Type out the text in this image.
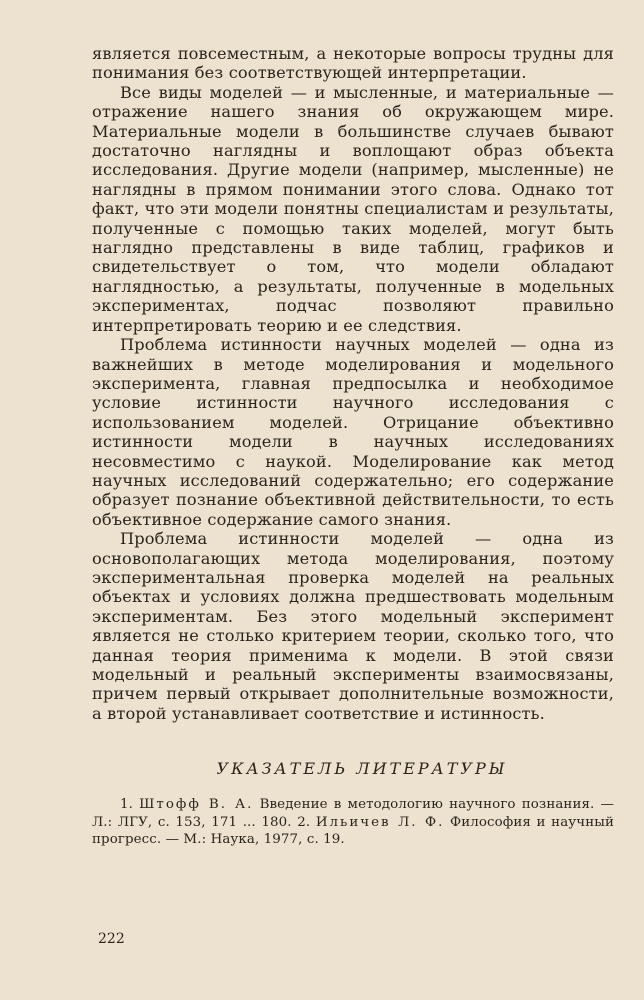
является повсеместным, а некоторые вопросы трудны для понимания без соответствующей интерпретации.

Все виды моделей — и мысленные, и материальные — отражение нашего знания об окружающем мире. Материальные модели в большинстве случаев бывают достаточно наглядны и воплощают образ объекта исследования. Другие модели (например, мысленные) не наглядны в прямом понимании этого слова. Однако тот факт, что эти модели понятны специалистам и результаты, полученные с помощью таких моделей, могут быть наглядно представлены в виде таблиц, графиков и свидетельствует о том, что модели обладают наглядностью, а результаты, полученные в модельных экспериментах, подчас позволяют правильно интерпретировать теорию и ее следствия.

Проблема истинности научных моделей — одна из важнейших в методе моделирования и модельного эксперимента, главная предпосылка и необходимое условие истинности научного исследования с использованием моделей. Отрицание объективно истинности модели в научных исследованиях несовместимо с наукой. Моделирование как метод научных исследований содержательно; его содержание образует познание объективной действительности, то есть объективное содержание самого знания.

Проблема истинности моделей — одна из основополагающих метода моделирования, поэтому экспериментальная проверка моделей на реальных объектах и условиях должна предшествовать модельным экспериментам. Без этого модельный эксперимент является не столько критерием теории, сколько того, что данная теория применима к модели. В этой связи модельный и реальный эксперименты взаимосвязаны, причем первый открывает дополнительные возможности, а второй устанавливает соответствие и истинность.

УКАЗАТЕЛЬ ЛИТЕРАТУРЫ

1. Штофф В. А. Введение в методологию научного познания. — Л.: ЛГУ, с. 153, 171 ... 180. 2. Ильичев Л. Ф. Философия и научный прогресс. — М.: Наука, 1977, с. 19.

222
